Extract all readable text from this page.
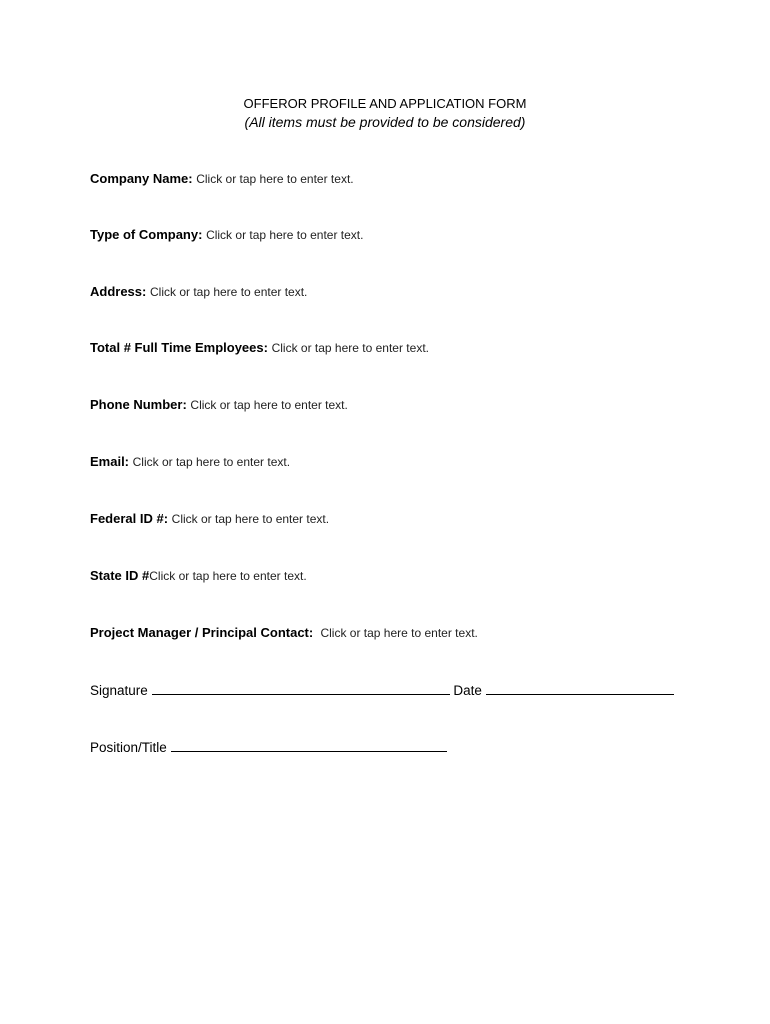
OFFEROR PROFILE AND APPLICATION FORM
(All items must be provided to be considered)
Company Name: Click or tap here to enter text.
Type of Company: Click or tap here to enter text.
Address: Click or tap here to enter text.
Total # Full Time Employees: Click or tap here to enter text.
Phone Number: Click or tap here to enter text.
Email: Click or tap here to enter text.
Federal ID #: Click or tap here to enter text.
State ID #Click or tap here to enter text.
Project Manager / Principal Contact: Click or tap here to enter text.
Signature	Date
Position/Title
